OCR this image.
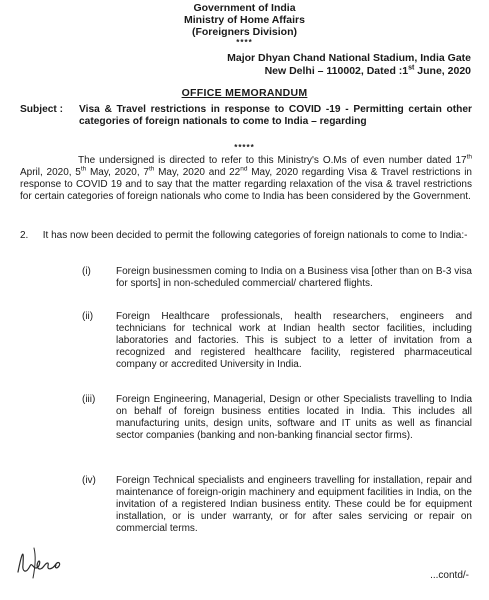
Government of India
Ministry of Home Affairs
(Foreigners Division)
****
Major Dhyan Chand National Stadium, India Gate
New Delhi – 110002, Dated :1st June, 2020
OFFICE MEMORANDUM
Subject : Visa & Travel restrictions in response to COVID -19 - Permitting certain other categories of foreign nationals to come to India – regarding
*****
The undersigned is directed to refer to this Ministry's O.Ms of even number dated 17th April, 2020, 5th May, 2020, 7th May, 2020 and 22nd May, 2020 regarding Visa & Travel restrictions in response to COVID 19 and to say that the matter regarding relaxation of the visa & travel restrictions for certain categories of foreign nationals who come to India has been considered by the Government.
2. It has now been decided to permit the following categories of foreign nationals to come to India:-
(i)	Foreign businessmen coming to India on a Business visa [other than on B-3 visa for sports] in non-scheduled commercial/ chartered flights.
(ii) Foreign Healthcare professionals, health researchers, engineers and technicians for technical work at Indian health sector facilities, including laboratories and factories. This is subject to a letter of invitation from a recognized and registered healthcare facility, registered pharmaceutical company or accredited University in India.
(iii) Foreign Engineering, Managerial, Design or other Specialists travelling to India on behalf of foreign business entities located in India. This includes all manufacturing units, design units, software and IT units as well as financial sector companies (banking and non-banking financial sector firms).
(iv) Foreign Technical specialists and engineers travelling for installation, repair and maintenance of foreign-origin machinery and equipment facilities in India, on the invitation of a registered Indian business entity. These could be for equipment installation, or is under warranty, or for after sales servicing or repair on commercial terms.
...contd/-
